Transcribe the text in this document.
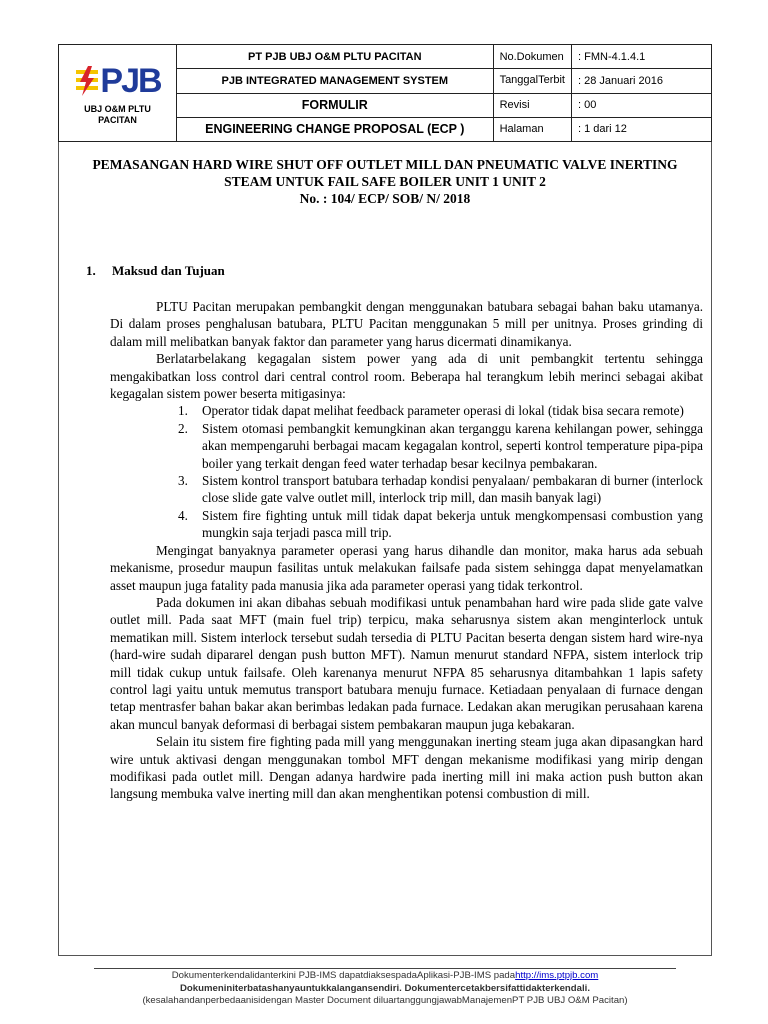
PJB
UBJ O&M PLTU
PACITAN	PT PJB UBJ O&M PLTU PACITAN	No.Dokumen	: FMN-4.1.4.1
	PJB INTEGRATED MANAGEMENT SYSTEM	TanggalTerbit	: 28 Januari 2016
	FORMULIR	Revisi	: 00
	ENGINEERING CHANGE PROPOSAL (ECP )	Halaman	: 1 dari 12
PEMASANGAN HARD WIRE SHUT OFF OUTLET MILL DAN PNEUMATIC VALVE INERTING
STEAM UNTUK FAIL SAFE BOILER UNIT 1 UNIT 2
No. : 104/ ECP/ SOB/ N/ 2018
1. Maksud dan Tujuan

PLTU Pacitan merupakan pembangkit dengan menggunakan batubara sebagai bahan baku utamanya. Di dalam proses penghalusan batubara, PLTU Pacitan menggunakan 5 mill per unitnya. Proses grinding di dalam mill melibatkan banyak faktor dan parameter yang harus dicermati dinamikanya.

Berlatarbelakang kegagalan sistem power yang ada di unit pembangkit tertentu sehingga mengakibatkan loss control dari central control room. Beberapa hal terangkum lebih merinci sebagai akibat kegagalan sistem power beserta mitigasinya:

1. Operator tidak dapat melihat feedback parameter operasi di lokal (tidak bisa secara remote)
2. Sistem otomasi pembangkit kemungkinan akan terganggu karena kehilangan power, sehingga akan mempengaruhi berbagai macam kegagalan kontrol, seperti kontrol temperature pipa-pipa boiler yang terkait dengan feed water terhadap besar kecilnya pembakaran.
3. Sistem kontrol transport batubara terhadap kondisi penyalaan/ pembakaran di burner (interlock close slide gate valve outlet mill, interlock trip mill, dan masih banyak lagi)
4. Sistem fire fighting untuk mill tidak dapat bekerja untuk mengkompensasi combustion yang mungkin saja terjadi pasca mill trip.

Mengingat banyaknya parameter operasi yang harus dihandle dan monitor, maka harus ada sebuah mekanisme, prosedur maupun fasilitas untuk melakukan failsafe pada sistem sehingga dapat menyelamatkan asset maupun juga fatality pada manusia jika ada parameter operasi yang tidak terkontrol.

Pada dokumen ini akan dibahas sebuah modifikasi untuk penambahan hard wire pada slide gate valve outlet mill. Pada saat MFT (main fuel trip) terpicu, maka seharusnya sistem akan menginterlock untuk mematikan mill. Sistem interlock tersebut sudah tersedia di PLTU Pacitan beserta dengan sistem hard wire-nya (hard-wire sudah dipararel dengan push button MFT). Namun menurut standard NFPA, sistem interlock trip mill tidak cukup untuk failsafe. Oleh karenanya menurut NFPA 85 seharusnya ditambahkan 1 lapis safety control lagi yaitu untuk memutus transport batubara menuju furnace. Ketiadaan penyalaan di furnace dengan tetap mentrasfer bahan bakar akan berimbas ledakan pada furnace. Ledakan akan merugikan perusahaan karena akan muncul banyak deformasi di berbagai sistem pembakaran maupun juga kebakaran.

Selain itu sistem fire fighting pada mill yang menggunakan inerting steam juga akan dipasangkan hard wire untuk aktivasi dengan menggunakan tombol MFT dengan mekanisme modifikasi yang mirip dengan modifikasi pada outlet mill. Dengan adanya hardwire pada inerting mill ini maka action push button akan langsung membuka valve inerting mill dan akan menghentikan potensi combustion di mill.

Dokumenterkendalidanterkini PJB-IMS dapatdiaksespadaAplikasi-PJB-IMS padahttp://ims.ptpjb.com
Dokumeniniterbatashanyauntukkalangansendiri. Dokumentercetakbersifattidakterkendali.
(kesalahandanperbedaanisidengan Master Document diluartanggungjawabManajemenPT PJB UBJ O&M Pacitan)
